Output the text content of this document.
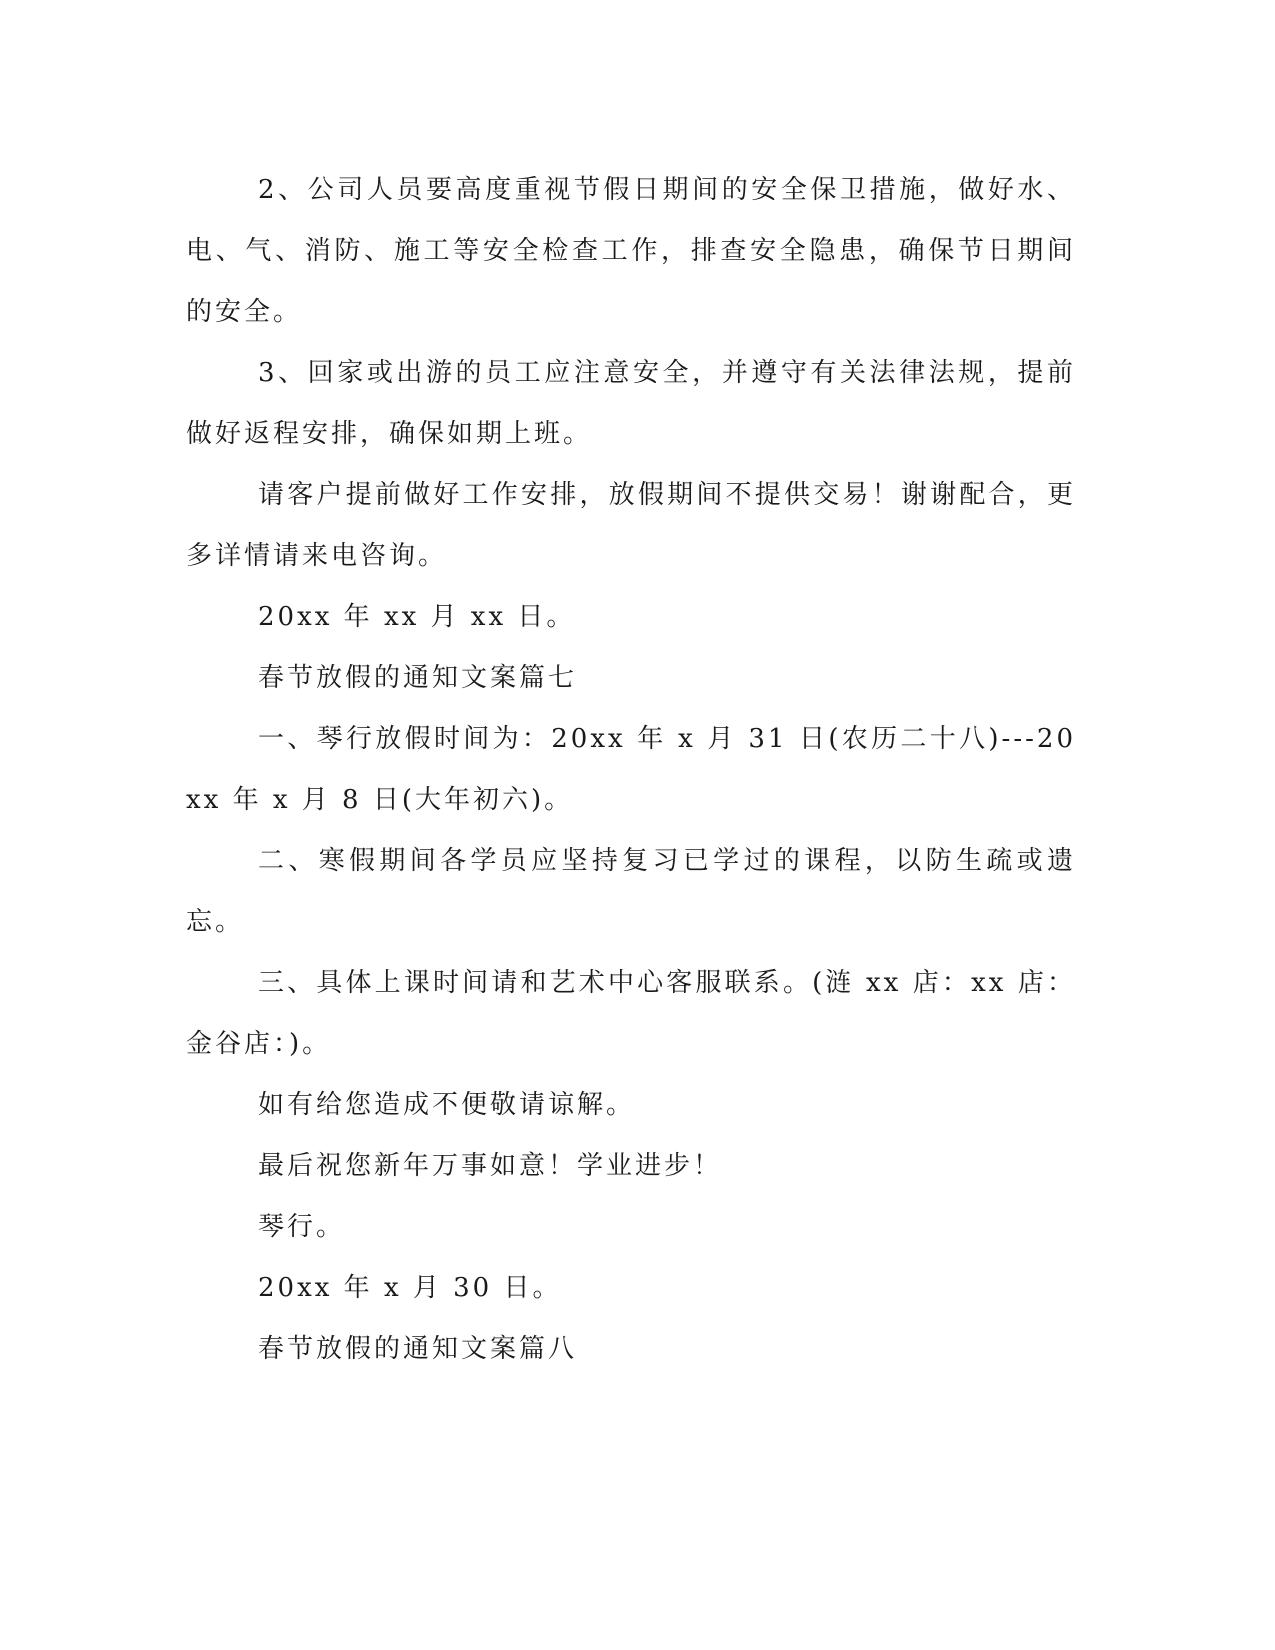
2、公司人员要高度重视节假日期间的安全保卫措施，做好水、电、气、消防、施工等安全检查工作，排查安全隐患，确保节日期间的安全。

3、回家或出游的员工应注意安全，并遵守有关法律法规，提前做好返程安排，确保如期上班。

请客户提前做好工作安排，放假期间不提供交易！谢谢配合，更多详情请来电咨询。

20xx 年 xx 月 xx 日。

春节放假的通知文案篇七

一、琴行放假时间为：20xx 年 x 月 31 日(农历二十八)---20xx 年 x 月 8 日(大年初六)。

二、寒假期间各学员应坚持复习已学过的课程，以防生疏或遗忘。

三、具体上课时间请和艺术中心客服联系。(涟 xx 店：xx 店：金谷店：)。

如有给您造成不便敬请谅解。

最后祝您新年万事如意！学业进步！

琴行。

20xx 年 x 月 30 日。

春节放假的通知文案篇八
